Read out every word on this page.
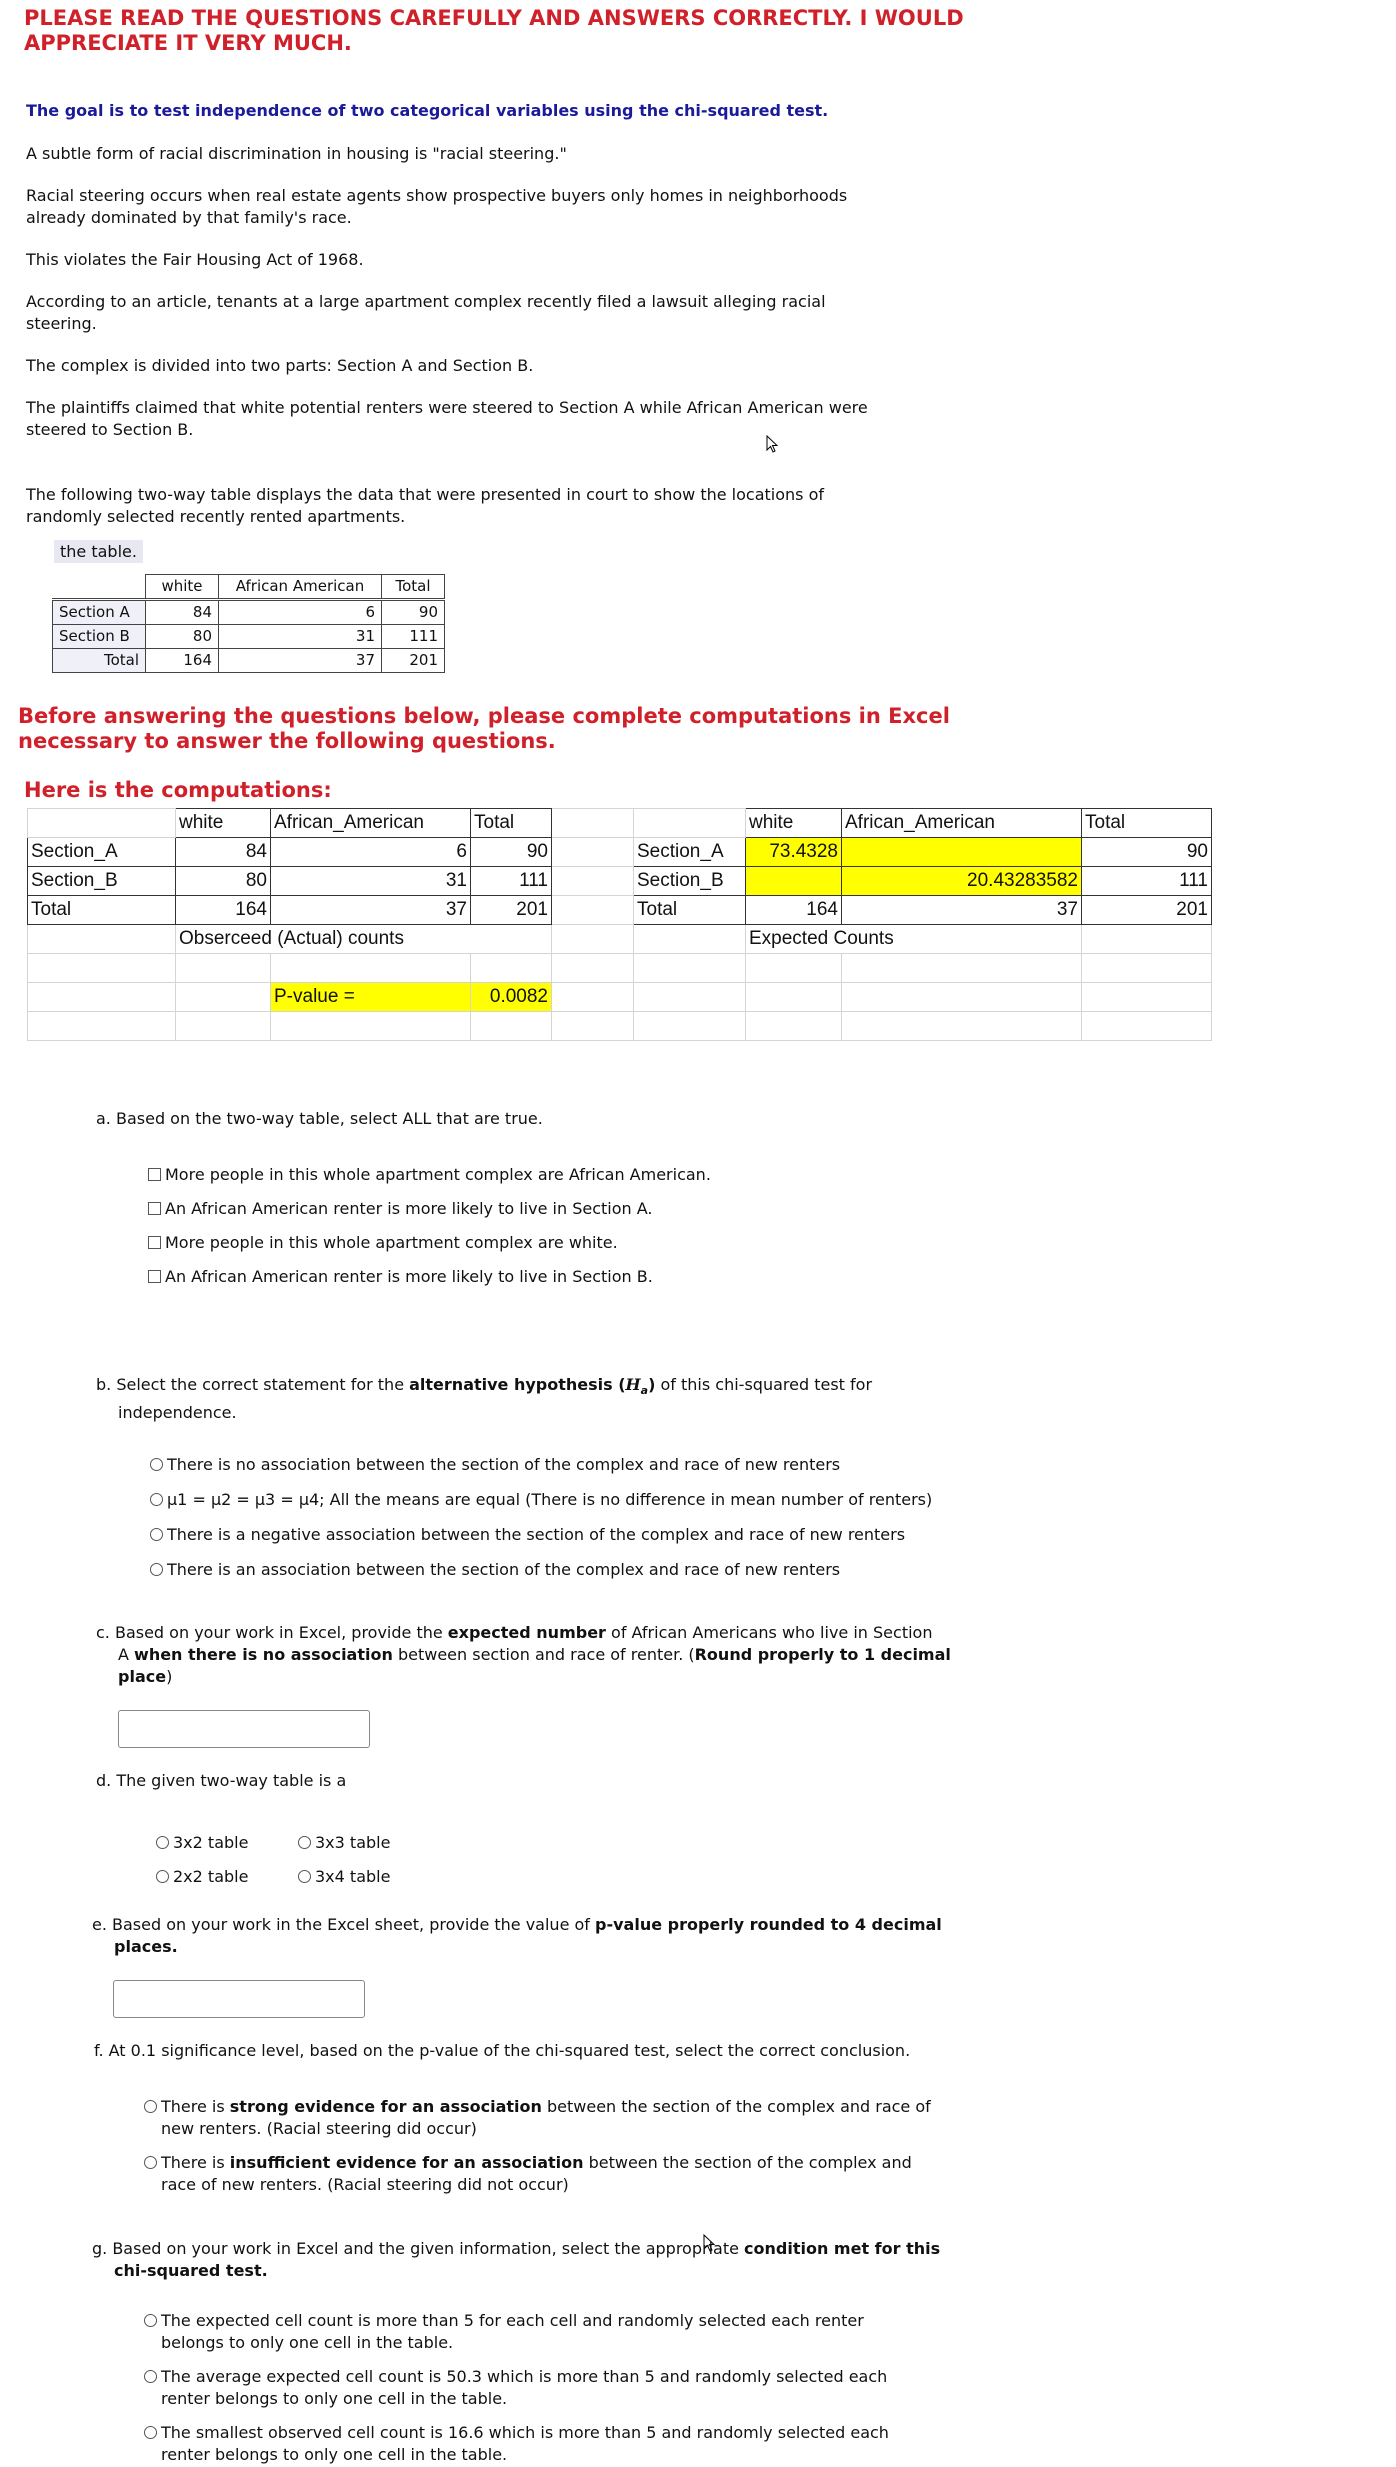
PLEASE READ THE QUESTIONS CAREFULLY AND ANSWERS CORRECTLY. I WOULD
APPRECIATE IT VERY MUCH.
The goal is to test independence of two categorical variables using the chi-squared test.

A subtle form of racial discrimination in housing is "racial steering."

Racial steering occurs when real estate agents show prospective buyers only homes in neighborhoods
already dominated by that family's race.

This violates the Fair Housing Act of 1968.

According to an article, tenants at a large apartment complex recently filed a lawsuit alleging racial
steering.

The complex is divided into two parts: Section A and Section B.

The plaintiffs claimed that white potential renters were steered to Section A while African American were
steered to Section B.

The following two-way table displays the data that were presented in court to show the locations of
randomly selected recently rented apartments.
the table.
	white	African American	Total
Section A	84	6	90
Section B	80	31	111
Total	164	37	201
Before answering the questions below, please complete computations in Excel
necessary to answer the following questions.
Here is the computations:
	white	African_American	Total			white	African_American	Total
Section_A	84	6	90		Section_A	73.4328		90
Section_B	80	31	111		Section_B		20.43283582	111
Total	164	37	201		Total	164	37	201
	Obserceed (Actual) counts					Expected Counts		

		P-value =	0.0082					

a. Based on the two-way table, select ALL that are true.
More people in this whole apartment complex are African American.
An African American renter is more likely to live in Section A.
More people in this whole apartment complex are white.
An African American renter is more likely to live in Section B.
b. Select the correct statement for the alternative hypothesis $(H_a)$ of this chi-squared test for
independence.
There is no association between the section of the complex and race of new renters
μ1 = μ2 = μ3 = μ4; All the means are equal (There is no difference in mean number of renters)
There is a negative association between the section of the complex and race of new renters
There is an association between the section of the complex and race of new renters
c. Based on your work in Excel, provide the expected number of African Americans who live in Section
A when there is no association between section and race of renter. (Round properly to 1 decimal
place)
d. The given two-way table is a
3x2 table	3x3 table
2x2 table	3x4 table
e. Based on your work in the Excel sheet, provide the value of p-value properly rounded to 4 decimal
places.
f. At 0.1 significance level, based on the p-value of the chi-squared test, select the correct conclusion.
There is strong evidence for an association between the section of the complex and race of
new renters. (Racial steering did occur)
There is insufficient evidence for an association between the section of the complex and
race of new renters. (Racial steering did not occur)
g. Based on your work in Excel and the given information, select the appropriate condition met for this
chi-squared test.
The expected cell count is more than 5 for each cell and randomly selected each renter
belongs to only one cell in the table.
The average expected cell count is 50.3 which is more than 5 and randomly selected each
renter belongs to only one cell in the table.
The smallest observed cell count is 16.6 which is more than 5 and randomly selected each
renter belongs to only one cell in the table.
